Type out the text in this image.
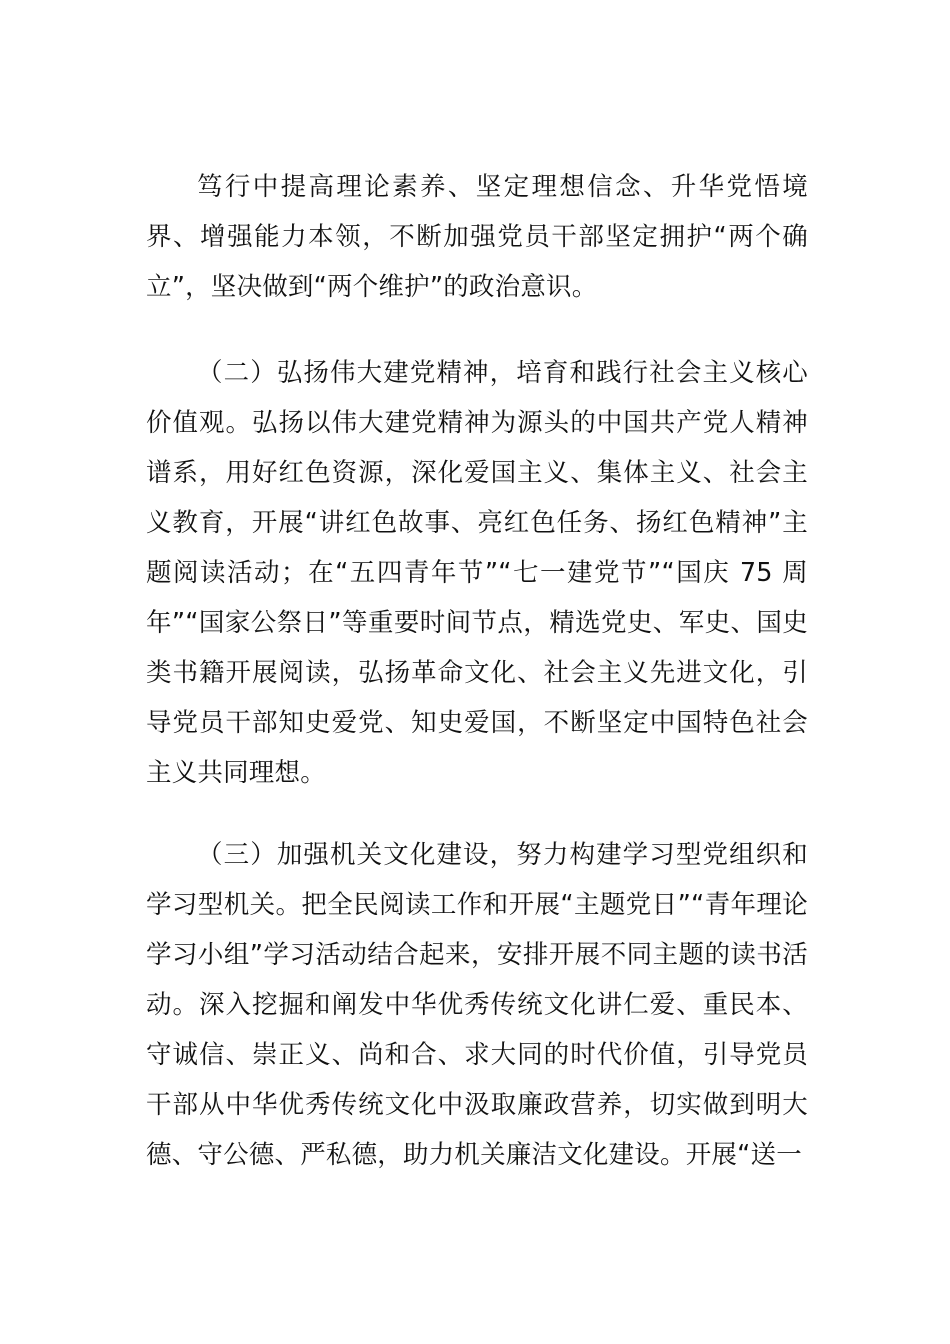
笃行中提高理论素养、坚定理想信念、升华党悟境界、增强能力本领，不断加强党员干部坚定拥护“两个确立”，坚决做到“两个维护”的政治意识。

（二）弘扬伟大建党精神，培育和践行社会主义核心价值观。弘扬以伟大建党精神为源头的中国共产党人精神谱系，用好红色资源，深化爱国主义、集体主义、社会主义教育，开展“讲红色故事、亮红色任务、扬红色精神”主题阅读活动；在“五四青年节”“七一建党节”“国庆 75 周年”“国家公祭日”等重要时间节点，精选党史、军史、国史类书籍开展阅读，弘扬革命文化、社会主义先进文化，引导党员干部知史爱党、知史爱国，不断坚定中国特色社会主义共同理想。

（三）加强机关文化建设，努力构建学习型党组织和学习型机关。把全民阅读工作和开展“主题党日”“青年理论学习小组”学习活动结合起来，安排开展不同主题的读书活动。深入挖掘和阐发中华优秀传统文化讲仁爱、重民本、守诚信、崇正义、尚和合、求大同的时代价值，引导党员干部从中华优秀传统文化中汲取廉政营养，切实做到明大德、守公德、严私德，助力机关廉洁文化建设。开展“送一
